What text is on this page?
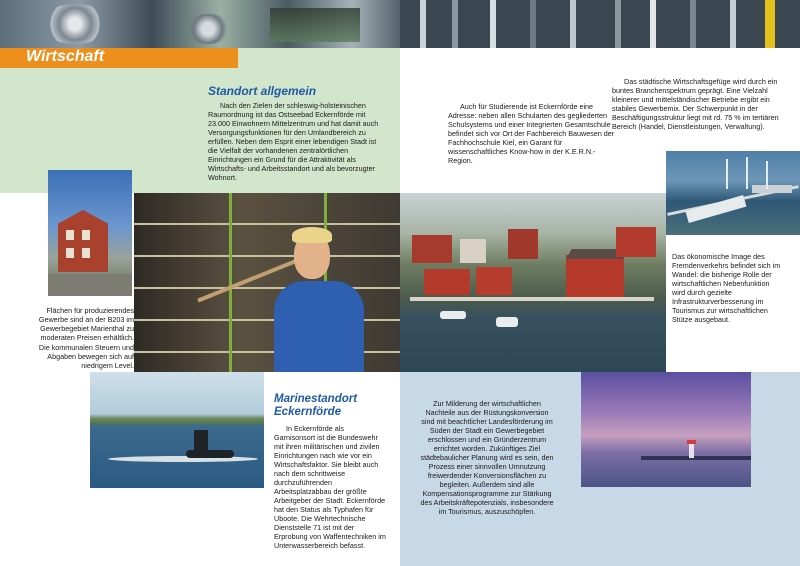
Wirtschaft
Standort allgemein
Nach den Zielen der schleswig-holsteinischen Raumordnung ist das Ostseebad Eckernförde mit 23.000 Einwohnern Mittelzentrum und hat damit auch Versorgungsfunktionen für den Umlandbereich zu erfüllen. Neben dem Esprit einer lebendigen Stadt ist die Vielfalt der vorhandenen zentralörtlichen Einrichtungen ein Grund für die Attraktivität als Wirtschafts- und Arbeitsstandort und als bevorzugter Wohnort.
Auch für Studierende ist Eckernförde eine Adresse: neben allen Schularten des gegliederten Schulsystems und einer Integrierten Gesamtschule befindet sich vor Ort der Fachbereich Bauwesen der Fachhochschule Kiel, ein Garant für wissenschaftliches Know-how in der K.E.R.N.-Region.
Das städtische Wirtschaftsgefüge wird durch ein buntes Branchenspektrum geprägt. Eine Vielzahl kleinerer und mittelständischer Betriebe ergibt ein stabiles Gewerbemix. Der Schwerpunkt in der Beschäftigungsstruktur liegt mit rd. 75 % im tertiären Bereich (Handel, Dienstleistungen, Verwaltung).
Flächen für produzierendes Gewerbe sind an der B203 im Gewerbegebiet Marienthal zu moderaten Preisen erhältlich.
Die kommunalen Steuern und Abgaben bewegen sich auf niedrigem Level.
Das ökonomische Image des Fremdenverkehrs befindet sich im Wandel: die bisherige Rolle der wirtschaftlichen Nebenfunktion wird durch gezielte Infrastrukturverbesserung im Tourismus zur wirtschaftlichen Stütze ausgebaut.
Marinestandort Eckernförde
In Eckernförde als Garnisonsort ist die Bundeswehr mit ihren militärischen und zivilen Einrichtungen nach wie vor ein Wirtschaftsfaktor. Sie bleibt auch nach dem schrittweise durchzuführenden Arbeitsplatzabbau der größte Arbeitgeber der Stadt. Eckernförde hat den Status als Typhafen für Uboote. Die Wehrtechnische Dienststelle 71 ist mit der Erprobung von Waffentechniken im Unterwasserbereich befasst.
Zur Milderung der wirtschaftlichen Nachteile aus der Rüstungskonversion sind mit beachtlicher Landesförderung im Süden der Stadt ein Gewerbegebiet erschlossen und ein Gründerzentrum errichtet worden. Zukünftiges Ziel städtebaulicher Planung wird es sein, den Prozess einer sinnvollen Umnutzung freiwerdender Konversionsflächen zu begleiten. Außerdem sind alle Kompensationsprogramme zur Stärkung des Arbeitskräftepotenzials, insbesondere im Tourismus, auszuschöpfen.
